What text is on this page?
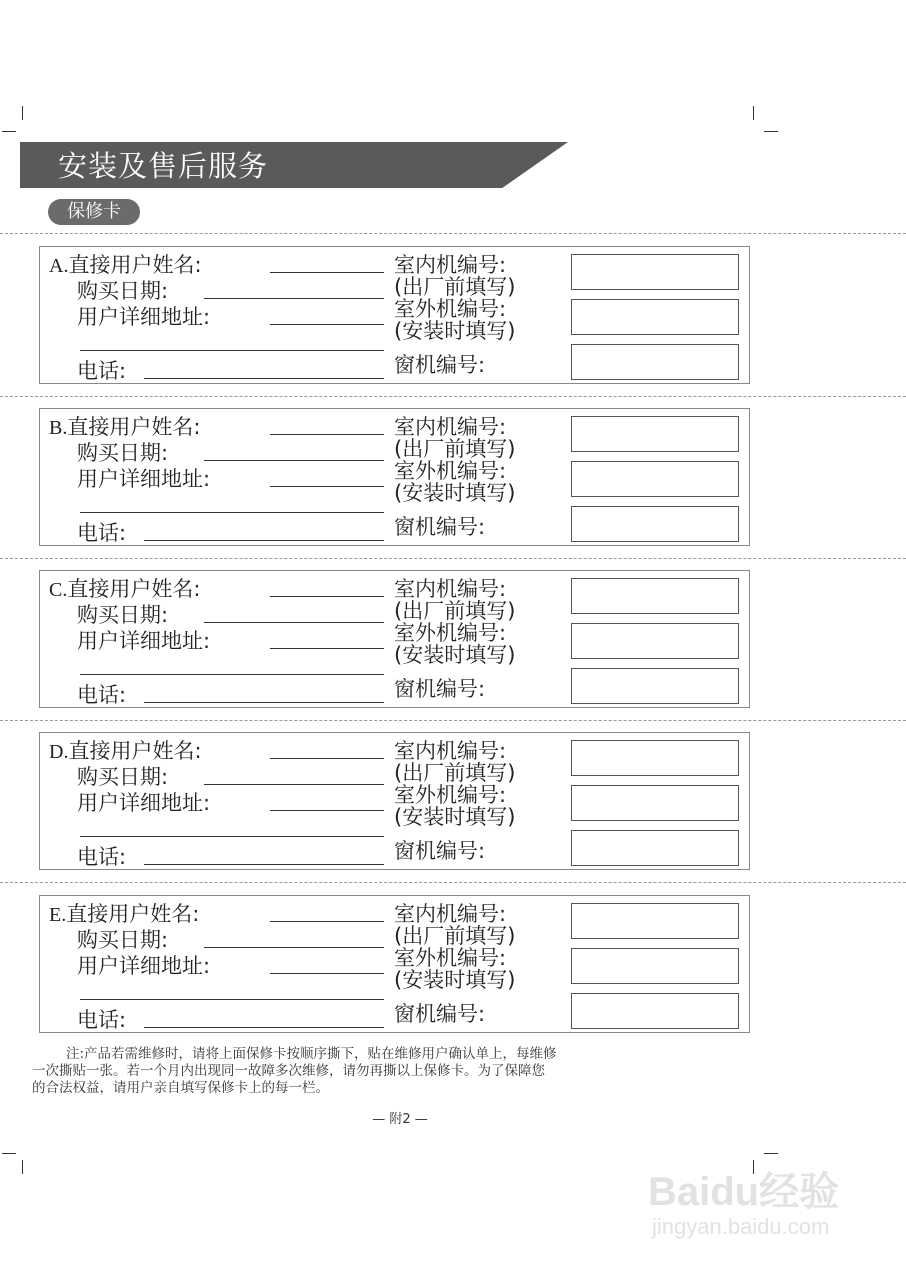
安装及售后服务
保修卡
A.直接用户姓名:
购买日期:
用户详细地址:
电话:
室内机编号:
(出厂前填写)
室外机编号:
(安装时填写)
窗机编号:
B.直接用户姓名:
购买日期:
用户详细地址:
电话:
室内机编号:
(出厂前填写)
室外机编号:
(安装时填写)
窗机编号:
C.直接用户姓名:
购买日期:
用户详细地址:
电话:
室内机编号:
(出厂前填写)
室外机编号:
(安装时填写)
窗机编号:
D.直接用户姓名:
购买日期:
用户详细地址:
电话:
室内机编号:
(出厂前填写)
室外机编号:
(安装时填写)
窗机编号:
E.直接用户姓名:
购买日期:
用户详细地址:
电话:
室内机编号:
(出厂前填写)
室外机编号:
(安装时填写)
窗机编号:
注:产品若需维修时，请将上面保修卡按顺序撕下，贴在维修用户确认单上，每维修
一次撕贴一张。若一个月内出现同一故障多次维修，请勿再撕以上保修卡。为了保障您
的合法权益，请用户亲自填写保修卡上的每一栏。
— 附2 —
Baidu经验
jingyan.baidu.com
